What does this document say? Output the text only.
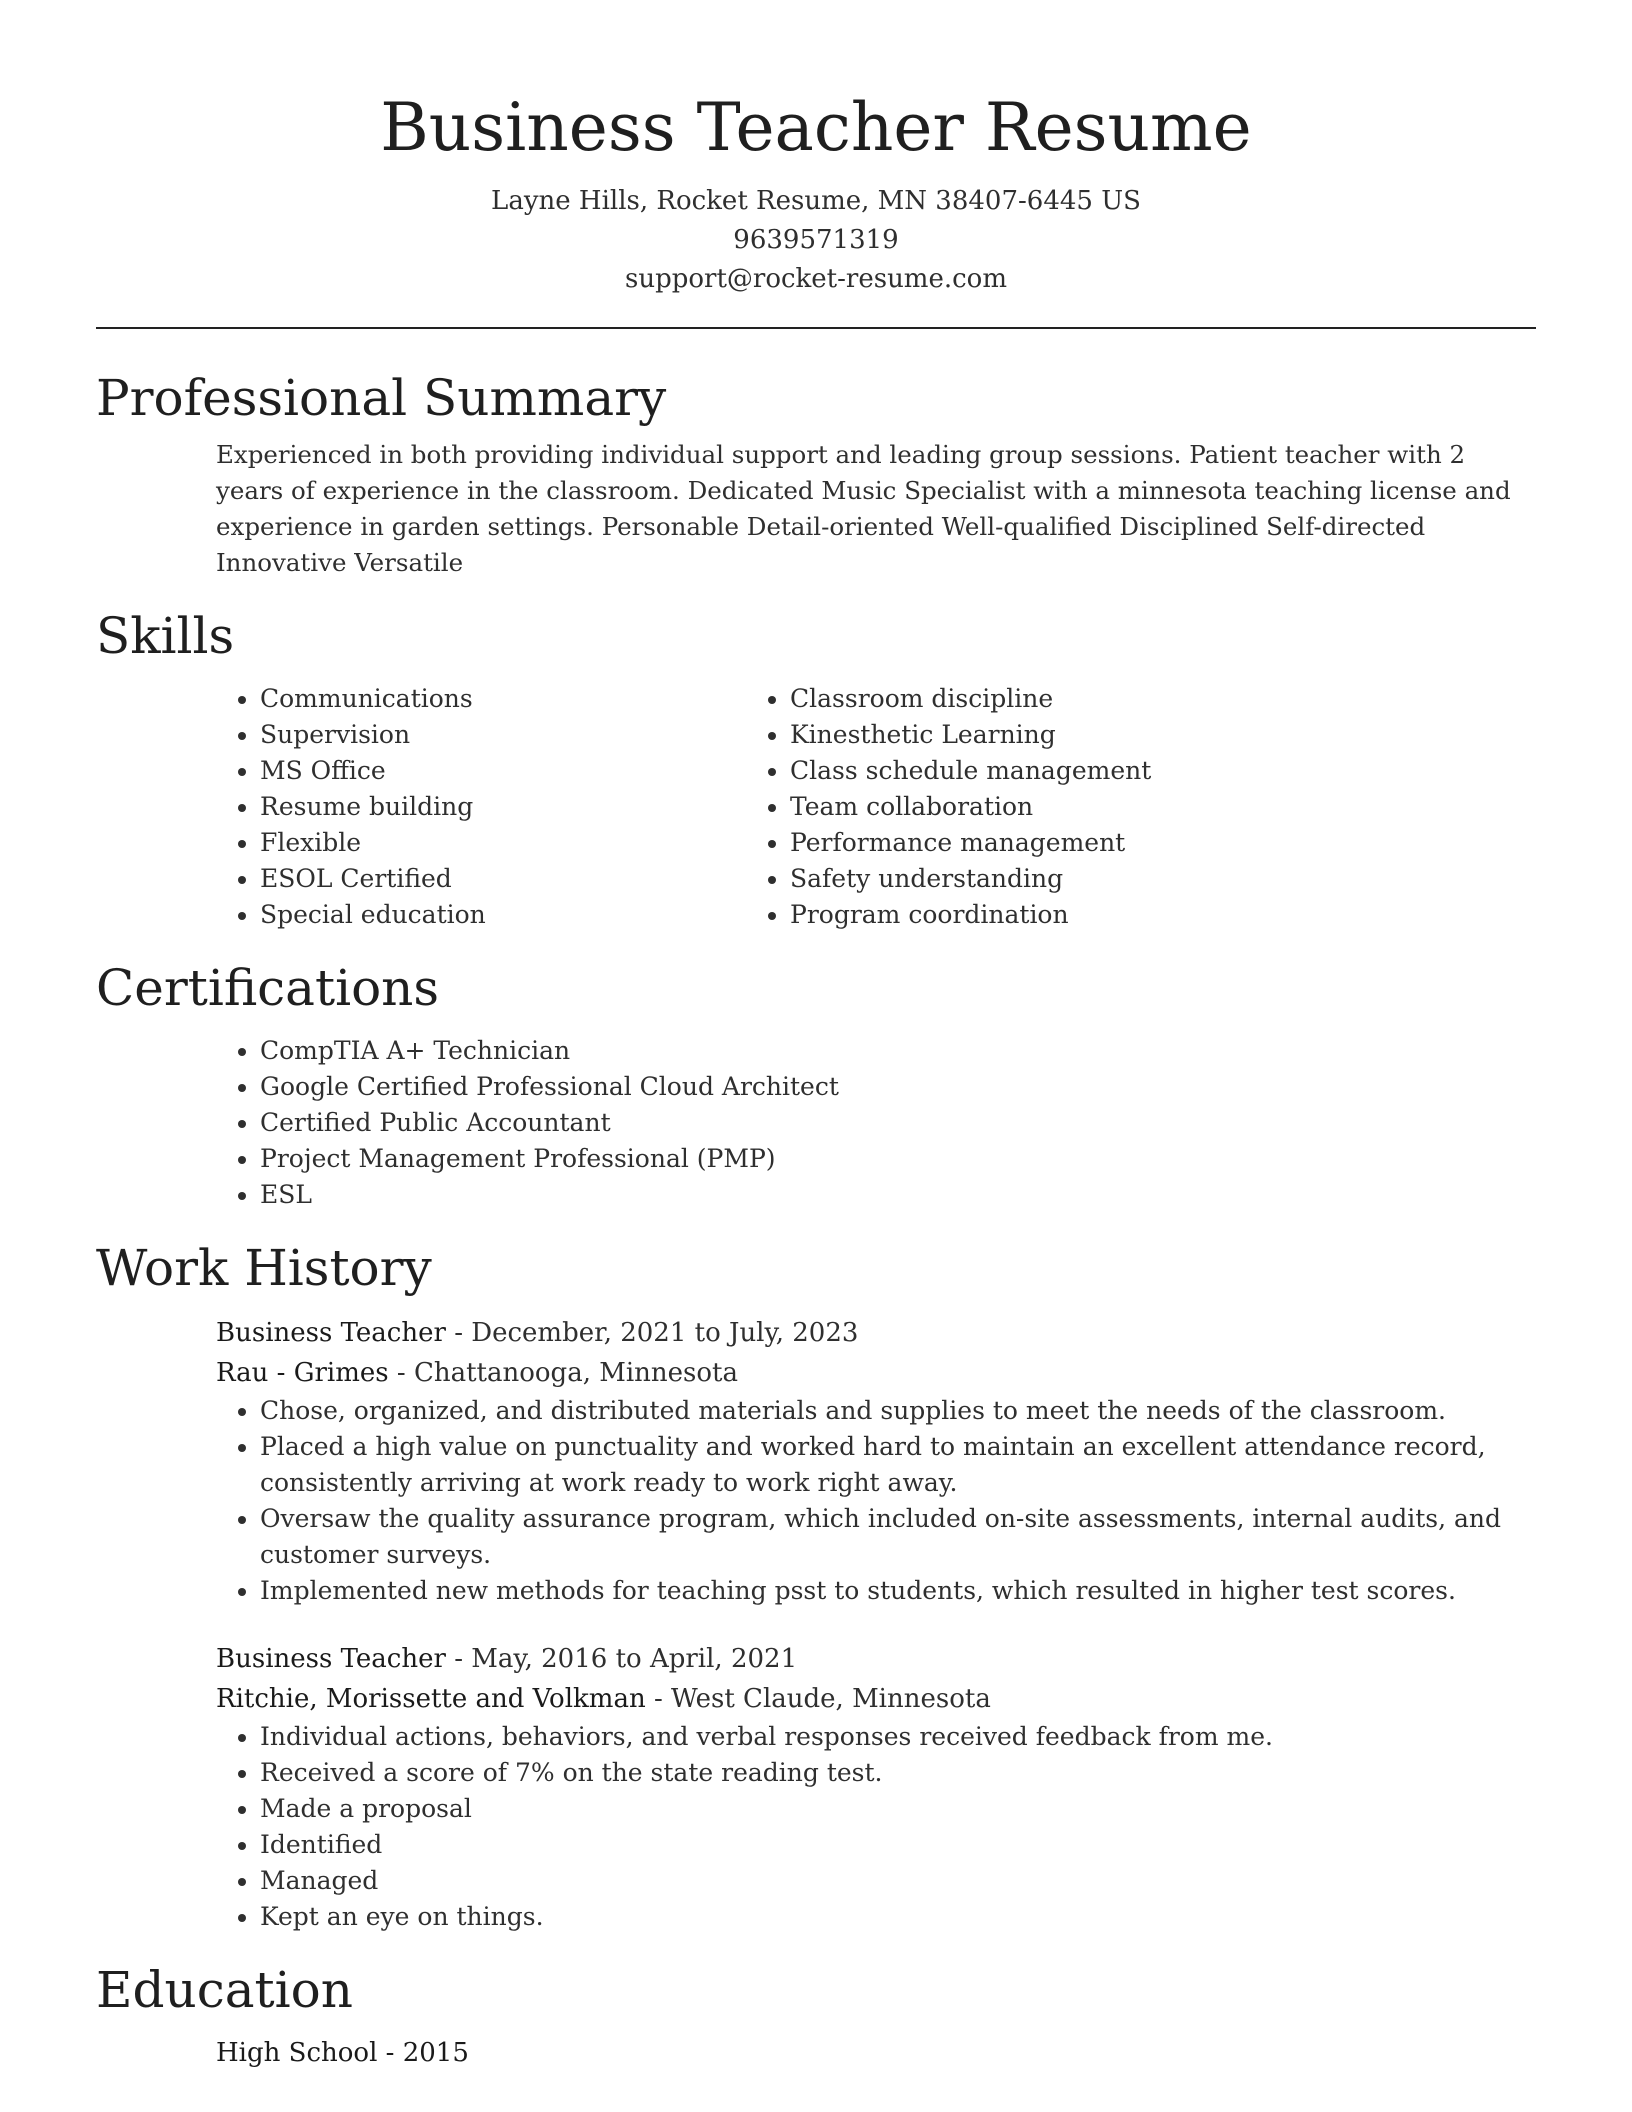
Business Teacher Resume
Layne Hills, Rocket Resume, MN 38407-6445 US
9639571319
support@rocket-resume.com
Professional Summary

Experienced in both providing individual support and leading group sessions. Patient teacher with 2 years of experience in the classroom. Dedicated Music Specialist with a minnesota teaching license and experience in garden settings. Personable Detail-oriented Well-qualified Disciplined Self-directed Innovative Versatile

Skills
• Communications
• Supervision
• MS Office
• Resume building
• Flexible
• ESOL Certified
• Special education
• Classroom discipline
• Kinesthetic Learning
• Class schedule management
• Team collaboration
• Performance management
• Safety understanding
• Program coordination
Certifications
• CompTIA A+ Technician
• Google Certified Professional Cloud Architect
• Certified Public Accountant
• Project Management Professional (PMP)
• ESL
Work History
Business Teacher - December, 2021 to July, 2023
Rau - Grimes - Chattanooga, Minnesota
• Chose, organized, and distributed materials and supplies to meet the needs of the classroom.
• Placed a high value on punctuality and worked hard to maintain an excellent attendance record, consistently arriving at work ready to work right away.
• Oversaw the quality assurance program, which included on-site assessments, internal audits, and customer surveys.
• Implemented new methods for teaching psst to students, which resulted in higher test scores.
Business Teacher - May, 2016 to April, 2021
Ritchie, Morissette and Volkman - West Claude, Minnesota
• Individual actions, behaviors, and verbal responses received feedback from me.
• Received a score of 7% on the state reading test.
• Made a proposal
• Identified
• Managed
• Kept an eye on things.
Education
High School - 2015
